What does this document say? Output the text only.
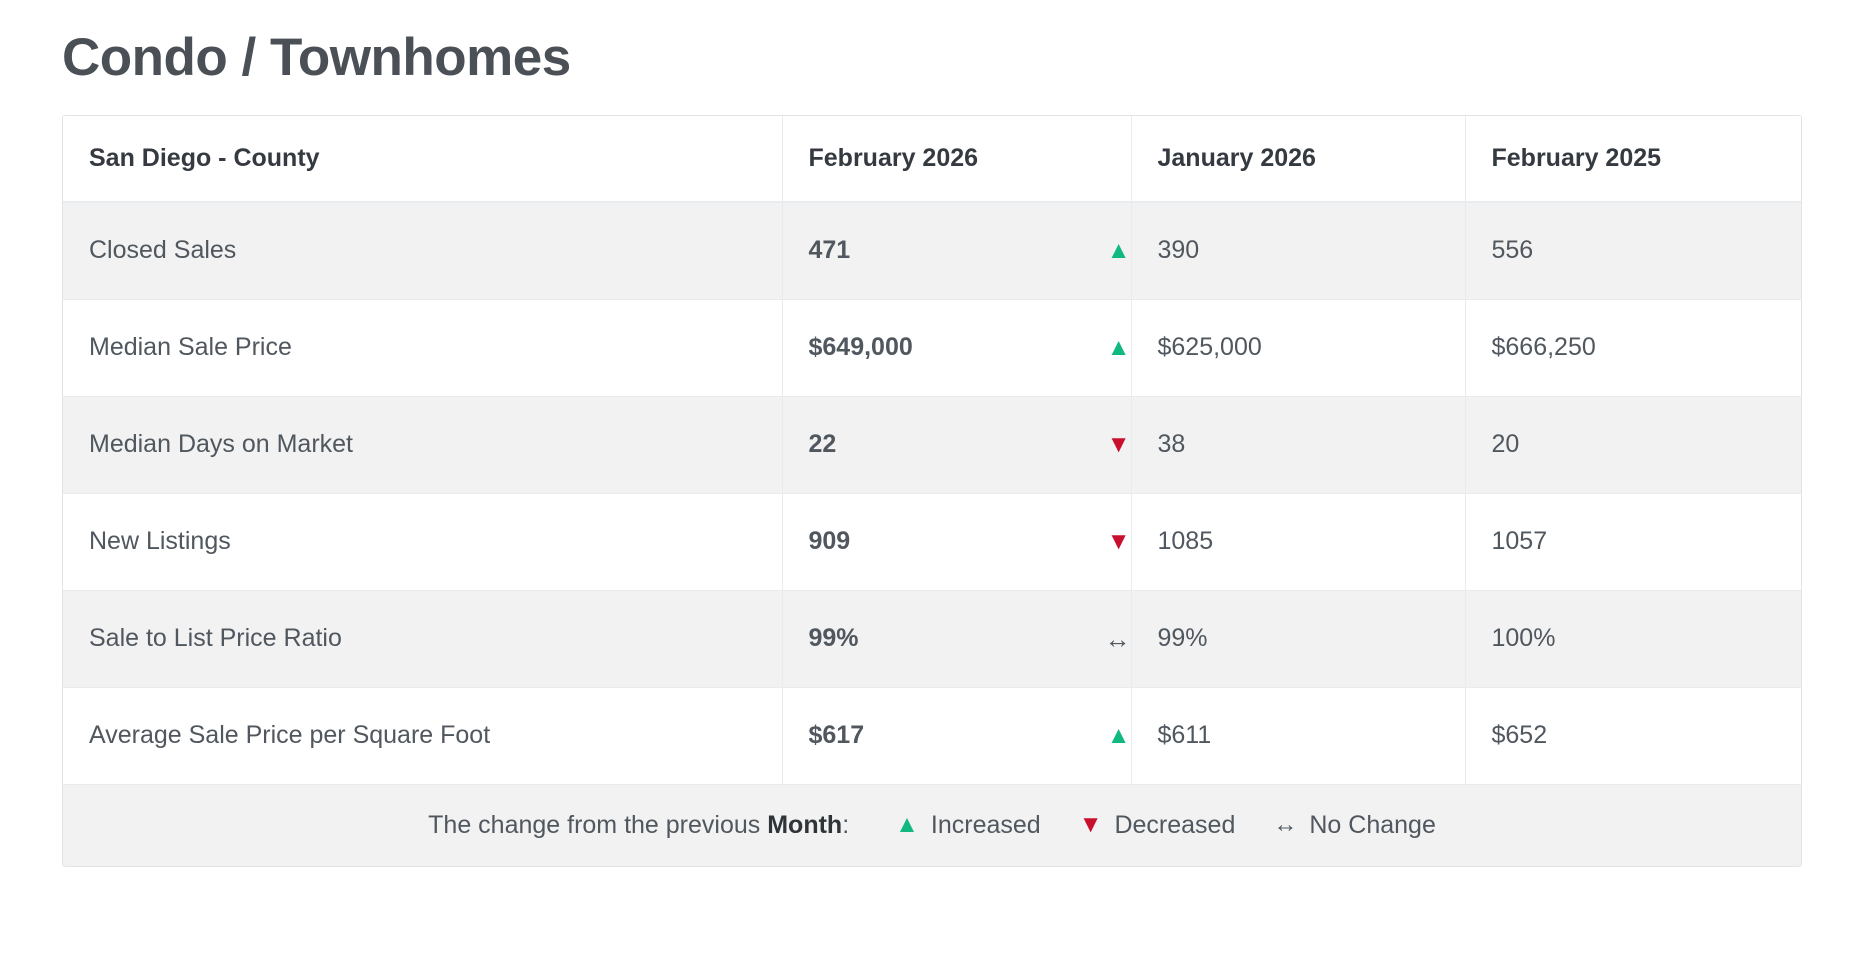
Condo / Townhomes
San Diego - County	February 2026	January 2026	February 2025
Closed Sales	471 ▲	390	556
Median Sale Price	$649,000 ▲	$625,000	$666,250
Median Days on Market	22 ▼	38	20
New Listings	909 ▼	1085	1057
Sale to List Price Ratio	99% ↔	99%	100%
Average Sale Price per Square Foot	$617 ▲	$611	$652

The change from the previous Month: ▲ Increased ▼ Decreased ↔ No Change
